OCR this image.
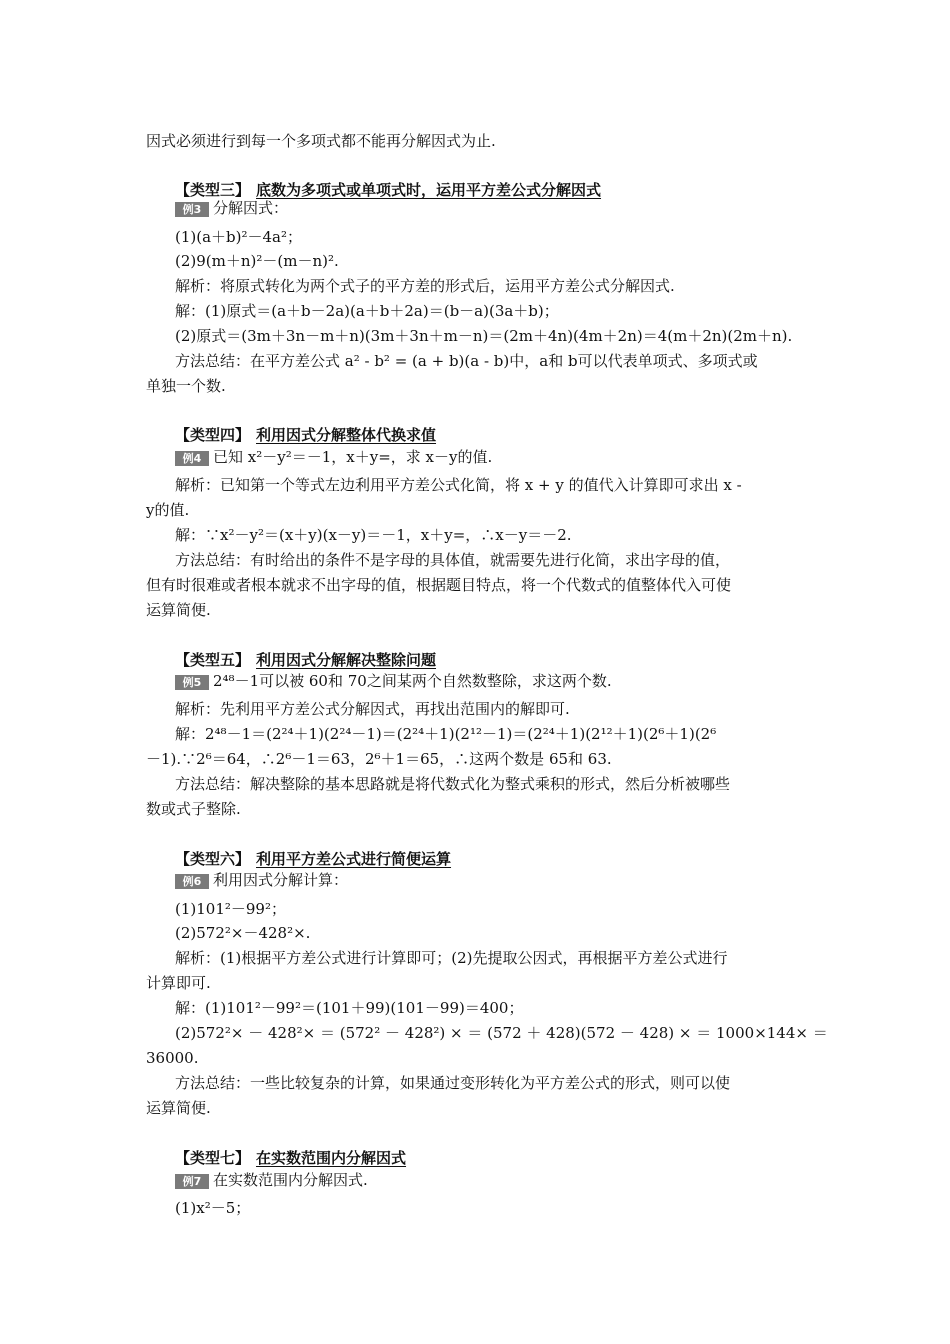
因式必须进行到每一个多项式都不能再分解因式为止.
【类型三】 底数为多项式或单项式时，运用平方差公式分解因式
例3 分解因式：
(1)(a＋b)²－4a²；
(2)9(m＋n)²－(m－n)².
解析：将原式转化为两个式子的平方差的形式后，运用平方差公式分解因式.
解：(1)原式＝(a＋b－2a)(a＋b＋2a)＝(b－a)(3a＋b)；
(2)原式＝(3m＋3n－m＋n)(3m＋3n＋m－n)＝(2m＋4n)(4m＋2n)＝4(m＋2n)(2m＋n).
方法总结：在平方差公式 a² - b² = (a + b)(a - b)中，a和 b可以代表单项式、多项式或
单独一个数.
【类型四】 利用因式分解整体代换求值
例4 已知 x²－y²＝－1，x＋y=，求 x－y的值.
解析：已知第一个等式左边利用平方差公式化简，将 x + y 的值代入计算即可求出 x -
y的值.
解：∵x²－y²＝(x＋y)(x－y)＝－1，x＋y=，∴x－y＝－2.
方法总结：有时给出的条件不是字母的具体值，就需要先进行化简，求出字母的值，
但有时很难或者根本就求不出字母的值，根据题目特点，将一个代数式的值整体代入可使
运算简便.
【类型五】 利用因式分解解决整除问题
例5 2⁴⁸－1可以被 60和 70之间某两个自然数整除，求这两个数.
解析：先利用平方差公式分解因式，再找出范围内的解即可.
解：2⁴⁸－1＝(2²⁴＋1)(2²⁴－1)＝(2²⁴＋1)(2¹²－1)＝(2²⁴＋1)(2¹²＋1)(2⁶＋1)(2⁶
－1).∵2⁶＝64，∴2⁶－1＝63，2⁶＋1＝65，∴这两个数是 65和 63.
方法总结：解决整除的基本思路就是将代数式化为整式乘积的形式，然后分析被哪些
数或式子整除.
【类型六】 利用平方差公式进行简便运算
例6 利用因式分解计算：
(1)101²－99²；
(2)572²×－428²×.
解析：(1)根据平方差公式进行计算即可；(2)先提取公因式，再根据平方差公式进行
计算即可.
解：(1)101²－99²＝(101＋99)(101－99)＝400；
(2)572²× － 428²× ＝ (572² － 428²) × ＝ (572 ＋ 428)(572 － 428) × ＝ 1000×144× ＝
36000.
方法总结：一些比较复杂的计算，如果通过变形转化为平方差公式的形式，则可以使
运算简便.
【类型七】 在实数范围内分解因式
例7 在实数范围内分解因式.
(1)x²－5；
